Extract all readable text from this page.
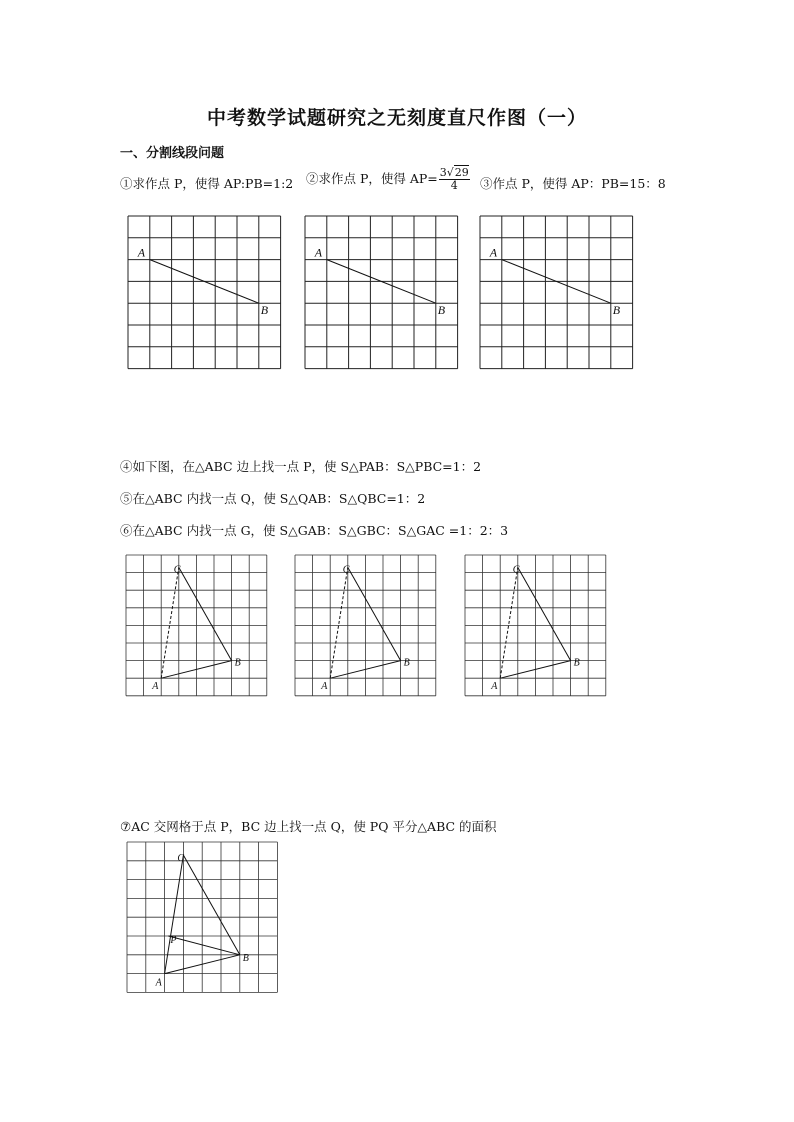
中考数学试题研究之无刻度直尺作图（一）
一、分割线段问题
①求作点 P，使得 AP:PB=1:2 ②求作点 P，使得 $AP= \frac{3√29}{4}$ ③作点 P，使得 AP：PB=15：8
A
B
A
B
A
B
④如下图，在△ABC 边上找一点 P，使 S△PAB：S△PBC=1：2
⑤在△ABC 内找一点 Q，使 S△QAB：S△QBC=1：2
⑥在△ABC 内找一点 G，使 S△GAB：S△GBC：S△GAC =1：2：3
A
B
C
A
B
C
A
B
C
⑦AC 交网格于点 P，BC 边上找一点 Q，使 PQ 平分△ABC 的面积
A
B
C
P
